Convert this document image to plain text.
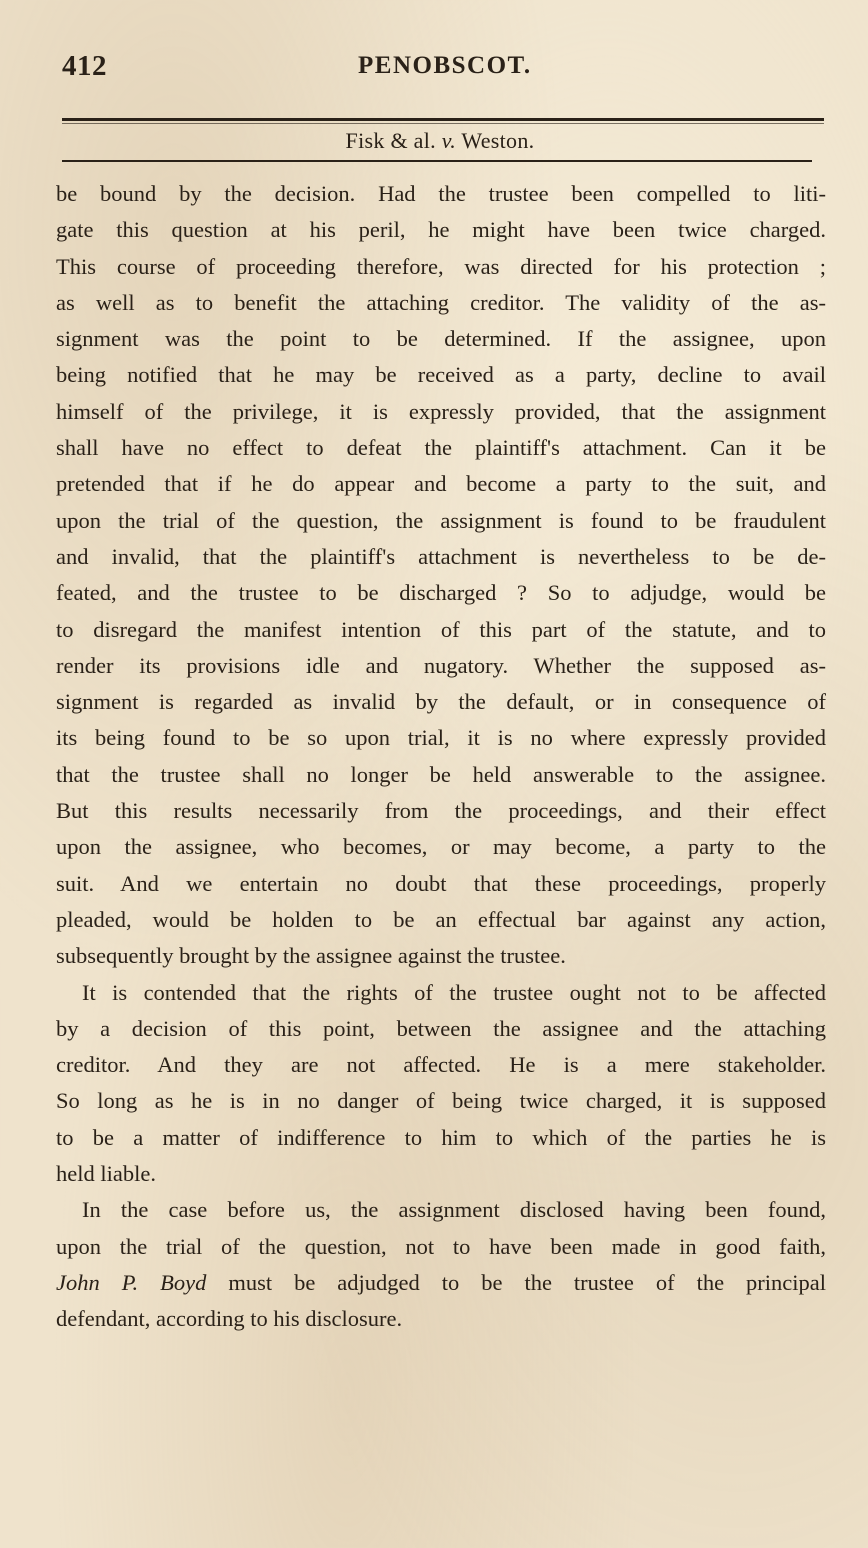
412	PENOBSCOT.
Fisk & al. v. Weston.
be bound by the decision. Had the trustee been compelled to liti-
gate this question at his peril, he might have been twice charged.
This course of proceeding therefore, was directed for his protection ;
as well as to benefit the attaching creditor. The validity of the as-
signment was the point to be determined. If the assignee, upon
being notified that he may be received as a party, decline to avail
himself of the privilege, it is expressly provided, that the assignment
shall have no effect to defeat the plaintiff's attachment. Can it be
pretended that if he do appear and become a party to the suit, and
upon the trial of the question, the assignment is found to be fraudulent
and invalid, that the plaintiff's attachment is nevertheless to be de-
feated, and the trustee to be discharged ? So to adjudge, would be
to disregard the manifest intention of this part of the statute, and to
render its provisions idle and nugatory. Whether the supposed as-
signment is regarded as invalid by the default, or in consequence of
its being found to be so upon trial, it is no where expressly provided
that the trustee shall no longer be held answerable to the assignee.
But this results necessarily from the proceedings, and their effect
upon the assignee, who becomes, or may become, a party to the
suit. And we entertain no doubt that these proceedings, properly
pleaded, would be holden to be an effectual bar against any action,
subsequently brought by the assignee against the trustee.
It is contended that the rights of the trustee ought not to be affected
by a decision of this point, between the assignee and the attaching
creditor. And they are not affected. He is a mere stakeholder.
So long as he is in no danger of being twice charged, it is supposed
to be a matter of indifference to him to which of the parties he is
held liable.
In the case before us, the assignment disclosed having been found,
upon the trial of the question, not to have been made in good faith,
John P. Boyd must be adjudged to be the trustee of the principal
defendant, according to his disclosure.
